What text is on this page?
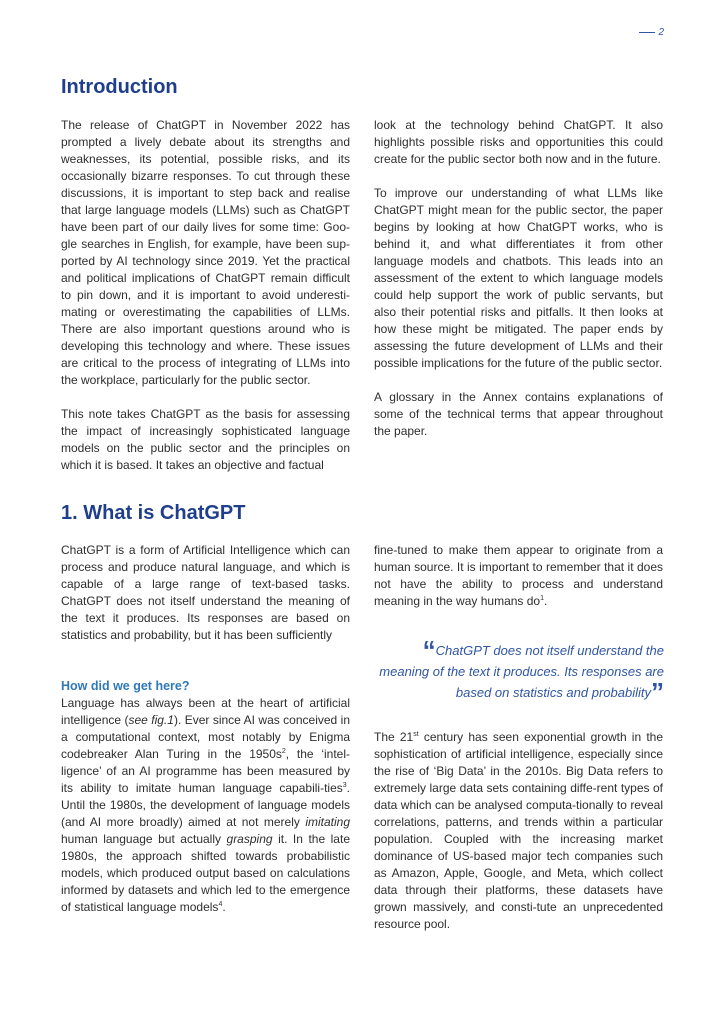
2
Introduction

The release of ChatGPT in November 2022 has prompted a lively debate about its strengths and weaknesses, its potential, possible risks, and its occasionally bizarre responses. To cut through these discussions, it is important to step back and realise that large language models (LLMs) such as ChatGPT have been part of our daily lives for some time: Goo-gle searches in English, for example, have been sup-ported by AI technology since 2019. Yet the practical and political implications of ChatGPT remain difficult to pin down, and it is important to avoid underesti-mating or overestimating the capabilities of LLMs. There are also important questions around who is developing this technology and where. These issues are critical to the process of integrating of LLMs into the workplace, particularly for the public sector.

This note takes ChatGPT as the basis for assessing the impact of increasingly sophisticated language models on the public sector and the principles on which it is based. It takes an objective and factual

look at the technology behind ChatGPT. It also highlights possible risks and opportunities this could create for the public sector both now and in the future.

To improve our understanding of what LLMs like ChatGPT might mean for the public sector, the paper begins by looking at how ChatGPT works, who is behind it, and what differentiates it from other language models and chatbots. This leads into an assessment of the extent to which language models could help support the work of public servants, but also their potential risks and pitfalls. It then looks at how these might be mitigated. The paper ends by assessing the future development of LLMs and their possible implications for the future of the public sector.

A glossary in the Annex contains explanations of some of the technical terms that appear throughout the paper.

1. What is ChatGPT

ChatGPT is a form of Artificial Intelligence which can process and produce natural language, and which is capable of a large range of text-based tasks. ChatGPT does not itself understand the meaning of the text it produces. Its responses are based on statistics and probability, but it has been sufficiently

How did we get here?

Language has always been at the heart of artificial intelligence (see fig.1). Ever since AI was conceived in a computational context, most notably by Enigma codebreaker Alan Turing in the $1950s^2$, the ‘intel-ligence’ of an AI programme has been measured by its ability to imitate human language capabili-ties$^3$. Until the 1980s, the development of language models (and AI more broadly) aimed at not merely imitating human language but actually grasping it. In the late 1980s, the approach shifted towards probabilistic models, which produced output based on calculations informed by datasets and which led to the emergence of statistical language models$^4$.

fine-tuned to make them appear to originate from a human source. It is important to remember that it does not have the ability to process and understand meaning in the way humans $do^1$.

“ChatGPT does not itself understand the meaning of the text it produces. Its responses are based on statistics and probability”

The 21st century has seen exponential growth in the sophistication of artificial intelligence, especially since the rise of ‘Big Data’ in the 2010s. Big Data refers to extremely large data sets containing diffe-rent types of data which can be analysed computa-tionally to reveal correlations, patterns, and trends within a particular population. Coupled with the increasing market dominance of US-based major tech companies such as Amazon, Apple, Google, and Meta, which collect data through their platforms, these datasets have grown massively, and consti-tute an unprecedented resource pool.
